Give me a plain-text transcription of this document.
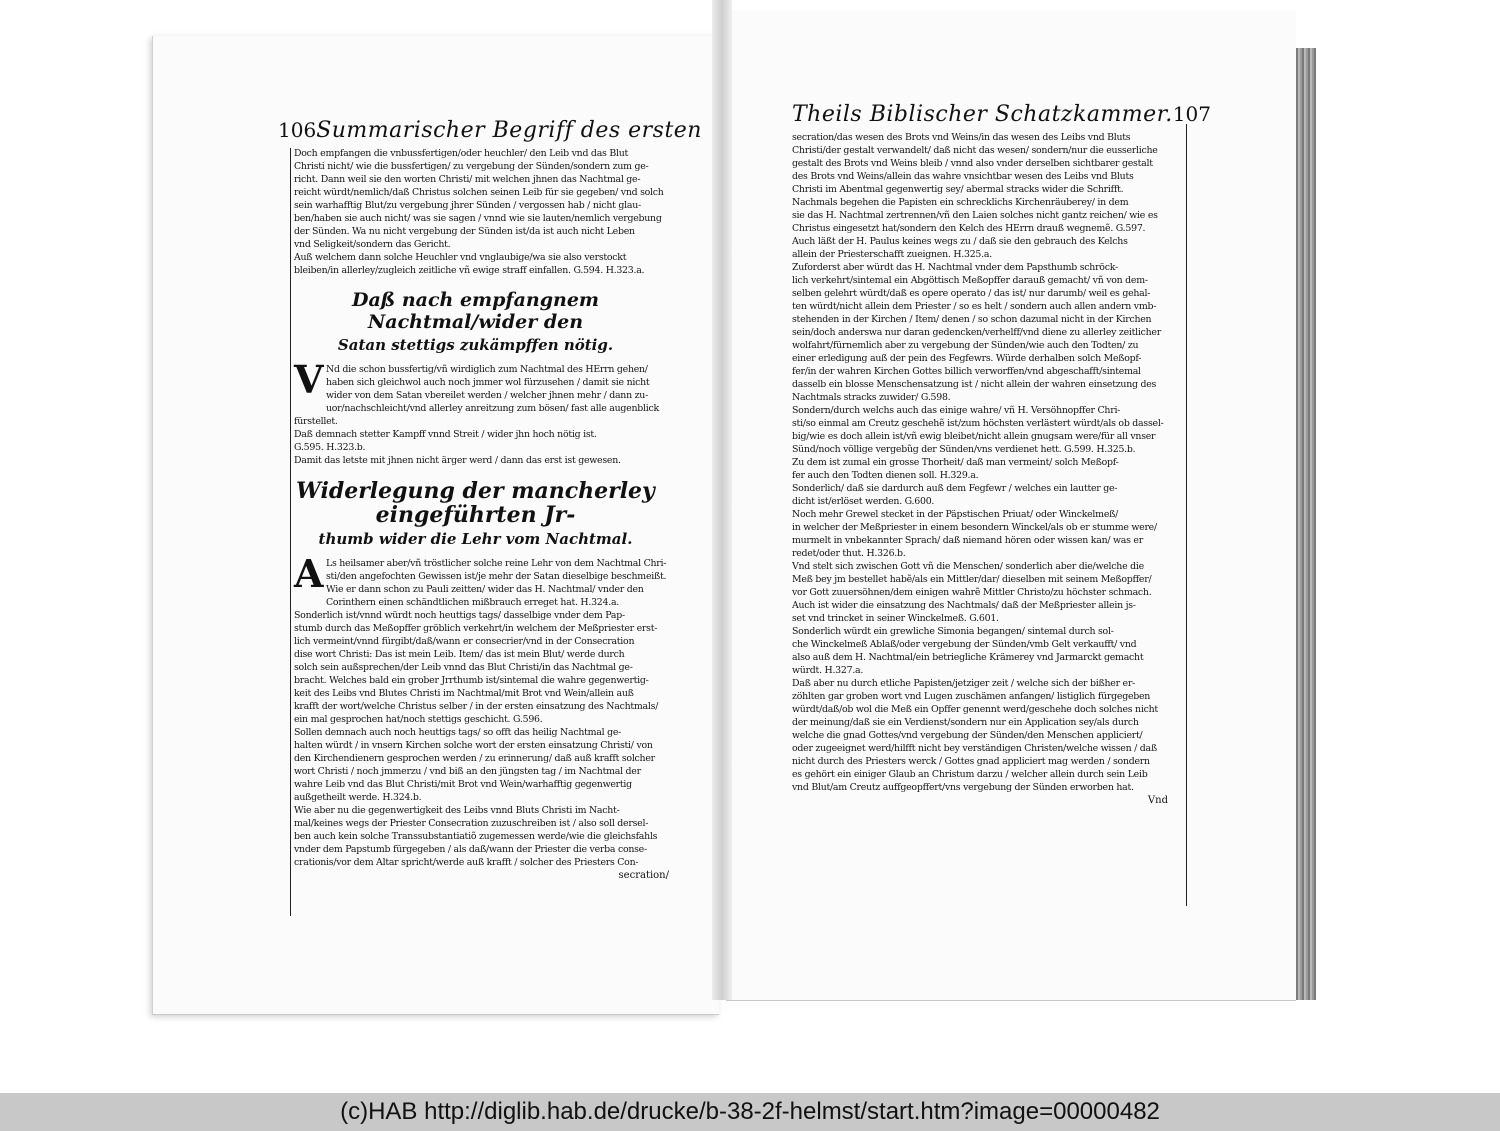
106 Summarischer Begriff des ersten
Doch empfangen die vnbussfertigen/oder heuchler/ den Leib vnd das Blut
Christi nicht/ wie die bussfertigen/ zu vergebung der Sünden/sondern zum ge-
richt. Dann weil sie den worten Christi/ mit welchen jhnen das Nachtmal ge-
reicht würdt/nemlich/daß Christus solchen seinen Leib für sie gegeben/ vnd solch
sein warhafftig Blut/zu vergebung jhrer Sünden / vergossen hab / nicht glau-
ben/haben sie auch nicht/ was sie sagen / vnnd wie sie lauten/nemlich vergebung
der Sünden. Wa nu nicht vergebung der Sünden ist/da ist auch nicht Leben
vnd Seligkeit/sondern das Gericht.
Auß welchem dann solche Heuchler vnd vnglaubige/wa sie also verstockt
bleiben/in allerley/zugleich zeitliche vñ ewige straff einfallen. G.594. H.323.a.
Daß nach empfangnem Nachtmal/wider den
Satan stettigs zukämpffen nötig.
V Nd die schon bussfertig/vñ wirdiglich zum Nachtmal des HErrn gehen/
haben sich gleichwol auch noch jmmer wol fürzusehen / damit sie nicht
wider von dem Satan vbereilet werden / welcher jhnen mehr / dann zu-
uor/nachschleicht/vnd allerley anreitzung zum bösen/ fast alle augenblick
fürstellet.
Daß demnach stetter Kampff vnnd Streit / wider jhn hoch nötig ist.
G.595. H.323.b.
Damit das letste mit jhnen nicht ärger werd / dann das erst ist gewesen.
Widerlegung der mancherley eingeführten Jr-
thumb wider die Lehr vom Nachtmal.
A Ls heilsamer aber/vñ tröstlicher solche reine Lehr von dem Nachtmal Chri-
sti/den angefochten Gewissen ist/je mehr der Satan dieselbige beschmeißt.
Wie er dann schon zu Pauli zeitten/ wider das H. Nachtmal/ vnder den
Corinthern einen schändtlichen mißbrauch erreget hat. H.324.a.
Sonderlich ist/vnnd würdt noch heuttigs tags/ dasselbige vnder dem Pap-
stumb durch das Meßopffer gröblich verkehrt/in welchem der Meßpriester erst-
lich vermeint/vnnd fürgibt/daß/wann er consecrier/vnd in der Consecration
dise wort Christi: Das ist mein Leib. Item/ das ist mein Blut/ werde durch
solch sein außsprechen/der Leib vnnd das Blut Christi/in das Nachtmal ge-
bracht. Welches bald ein grober Jrrthumb ist/sintemal die wahre gegenwertig-
keit des Leibs vnd Blutes Christi im Nachtmal/mit Brot vnd Wein/allein auß
krafft der wort/welche Christus selber / in der ersten einsatzung des Nachtmals/
ein mal gesprochen hat/noch stettigs geschicht. G.596.
Sollen demnach auch noch heuttigs tags/ so offt das heilig Nachtmal ge-
halten würdt / in vnsern Kirchen solche wort der ersten einsatzung Christi/ von
den Kirchendienern gesprochen werden / zu erinnerung/ daß auß krafft solcher
wort Christi / noch jmmerzu / vnd biß an den jüngsten tag / im Nachtmal der
wahre Leib vnd das Blut Christi/mit Brot vnd Wein/warhafftig gegenwertig
außgetheilt werde. H.324.b.
Wie aber nu die gegenwertigkeit des Leibs vnnd Bluts Christi im Nacht-
mal/keines wegs der Priester Consecration zuzuschreiben ist / also soll dersel-
ben auch kein solche Transsubstantiatiõ zugemessen werde/wie die gleichsfahls
vnder dem Papstumb fürgegeben / als daß/wann der Priester die verba conse-
crationis/vor dem Altar spricht/werde auß krafft / solcher des Priesters Con-
secration/
Theils Biblischer Schatzkammer. 107
secration/das wesen des Brots vnd Weins/in das wesen des Leibs vnd Bluts
Christi/der gestalt verwandelt/ daß nicht das wesen/ sondern/nur die eusserliche
gestalt des Brots vnd Weins bleib / vnnd also vnder derselben sichtbarer gestalt
des Brots vnd Weins/allein das wahre vnsichtbar wesen des Leibs vnd Bluts
Christi im Abentmal gegenwertig sey/ abermal stracks wider die Schrifft.
Nachmals begehen die Papisten ein schrecklichs Kirchenräuberey/ in dem
sie das H. Nachtmal zertrennen/vñ den Laien solches nicht gantz reichen/ wie es
Christus eingesetzt hat/sondern den Kelch des HErrn drauß wegnemẽ. G.597.
Auch läßt der H. Paulus keines wegs zu / daß sie den gebrauch des Kelchs
allein der Priesterschafft zueignen. H.325.a.
Zuforderst aber würdt das H. Nachtmal vnder dem Papsthumb schröck-
lich verkehrt/sintemal ein Abgöttisch Meßopffer darauß gemacht/ vñ von dem-
selben gelehrt würdt/daß es opere operato / das ist/ nur darumb/ weil es gehal-
ten würdt/nicht allein dem Priester / so es helt / sondern auch allen andern vmb-
stehenden in der Kirchen / Item/ denen / so schon dazumal nicht in der Kirchen
sein/doch anderswa nur daran gedencken/verhelff/vnd diene zu allerley zeitlicher
wolfahrt/fürnemlich aber zu vergebung der Sünden/wie auch den Todten/ zu
einer erledigung auß der pein des Fegfewrs. Würde derhalben solch Meßopf-
fer/in der wahren Kirchen Gottes billich verworffen/vnd abgeschafft/sintemal
dasselb ein blosse Menschensatzung ist / nicht allein der wahren einsetzung des
Nachtmals stracks zuwider/ G.598.
Sondern/durch welchs auch das einige wahre/ vñ H. Versöhnopffer Chri-
sti/so einmal am Creutz geschehẽ ist/zum höchsten verlästert würdt/als ob dassel-
big/wie es doch allein ist/vñ ewig bleibet/nicht allein gnugsam were/für all vnser
Sünd/noch völlige vergebũg der Sünden/vns verdienet hett. G.599. H.325.b.
Zu dem ist zumal ein grosse Thorheit/ daß man vermeint/ solch Meßopf-
fer auch den Todten dienen soll. H.329.a.
Sonderlich/ daß sie dardurch auß dem Fegfewr / welches ein lautter ge-
dicht ist/erlöset werden. G.600.
Noch mehr Grewel stecket in der Päpstischen Priuat/ oder Winckelmeß/
in welcher der Meßpriester in einem besondern Winckel/als ob er stumme were/
murmelt in vnbekannter Sprach/ daß niemand hören oder wissen kan/ was er
redet/oder thut. H.326.b.
Vnd stelt sich zwischen Gott vñ die Menschen/ sonderlich aber die/welche die
Meß bey jm bestellet habẽ/als ein Mittler/dar/ dieselben mit seinem Meßopffer/
vor Gott zuuersöhnen/dem einigen wahrẽ Mittler Christo/zu höchster schmach.
Auch ist wider die einsatzung des Nachtmals/ daß der Meßpriester allein js-
set vnd trincket in seiner Winckelmeß. G.601.
Sonderlich würdt ein grewliche Simonia begangen/ sintemal durch sol-
che Winckelmeß Ablaß/oder vergebung der Sünden/vmb Gelt verkaufft/ vnd
also auß dem H. Nachtmal/ein betriegliche Krämerey vnd Jarmarckt gemacht
würdt. H.327.a.
Daß aber nu durch etliche Papisten/jetziger zeit / welche sich der bißher er-
zöhlten gar groben wort vnd Lugen zuschämen anfangen/ listiglich fürgegeben
würdt/daß/ob wol die Meß ein Opffer genennt werd/geschehe doch solches nicht
der meinung/daß sie ein Verdienst/sondern nur ein Application sey/als durch
welche die gnad Gottes/vnd vergebung der Sünden/den Menschen appliciert/
oder zugeeignet werd/hilfft nicht bey verständigen Christen/welche wissen / daß
nicht durch des Priesters werck / Gottes gnad appliciert mag werden / sondern
es gehört ein einiger Glaub an Christum darzu / welcher allein durch sein Leib
vnd Blut/am Creutz auffgeopffert/vns vergebung der Sünden erworben hat.
Vnd
(c)HAB http://diglib.hab.de/drucke/b-38-2f-helmst/start.htm?image=00000482
